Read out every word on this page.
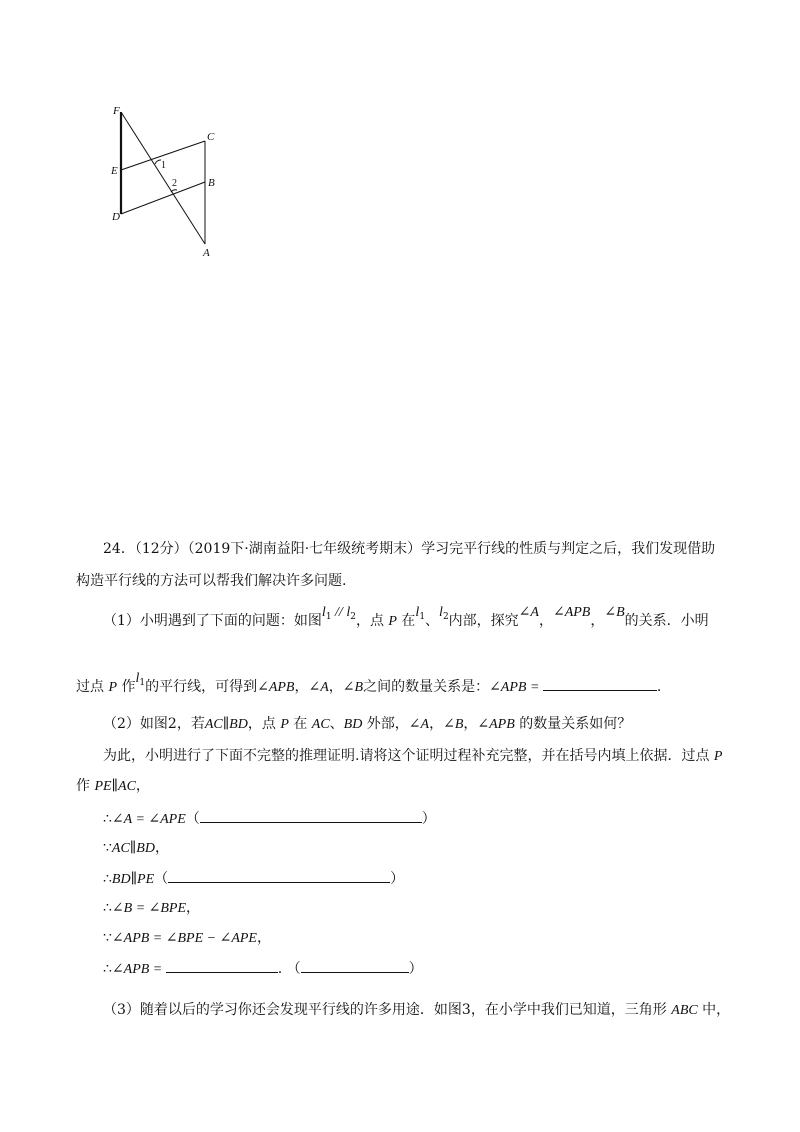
F
C
E
B
D
A
1
2
24．（12分）（2019下·湖南益阳·七年级统考期末）学习完平行线的性质与判定之后，我们发现借助
构造平行线的方法可以帮我们解决许多问题.
（1）小明遇到了下面的问题：如图$l_1 // l_2$，点 P 在$l_1$、$l_2$内部，探究∠A，∠APB，∠B的关系．小明
过点 P 作$l_1$的平行线，可得到∠APB，∠A，∠B之间的数量关系是：∠APB =	.
（2）如图2，若AC∥BD，点 P 在 AC、BD 外部，∠A，∠B，∠APB 的数量关系如何？
为此，小明进行了下面不完整的推理证明.请将这个证明过程补充完整，并在括号内填上依据．过点 P
作 PE∥AC，
∴∠A = ∠APE（	）
∵AC∥BD，
∴BD∥PE（	）
∴∠B = ∠BPE，
∵∠APB = ∠BPE − ∠APE，
∴∠APB =	. （	）
（3）随着以后的学习你还会发现平行线的许多用途．如图3，在小学中我们已知道，三角形 ABC 中，
